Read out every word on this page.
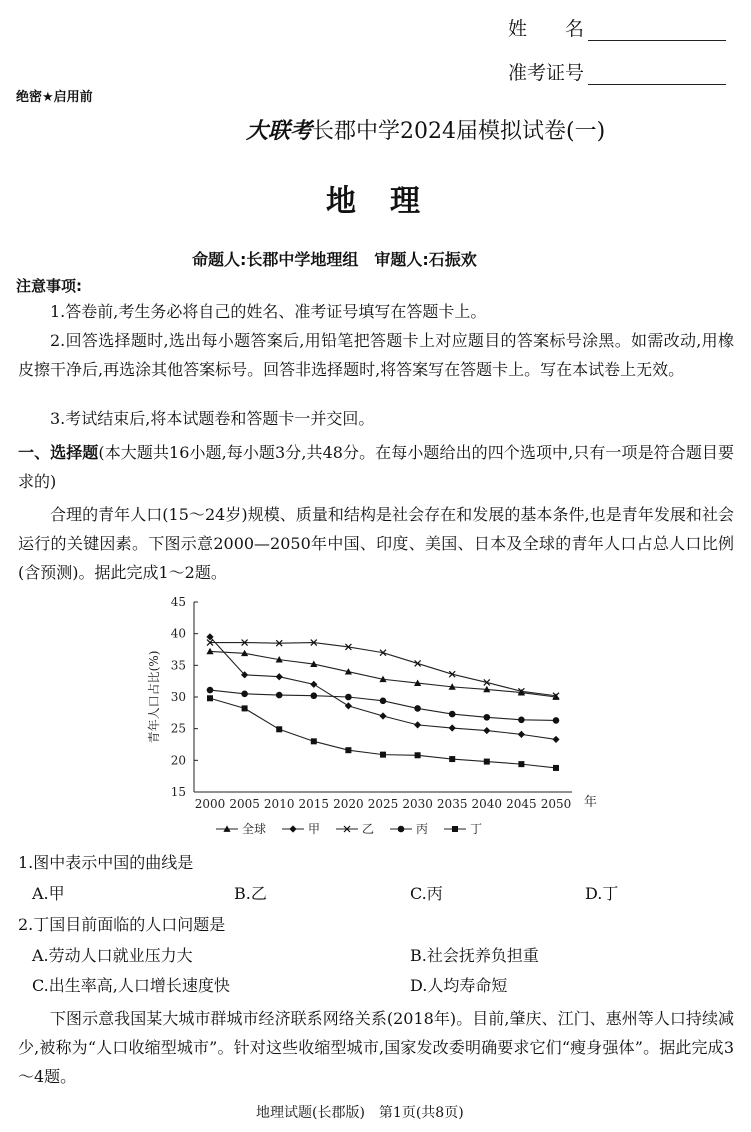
姓　　名
准考证号
绝密★启用前
大联考长郡中学2024届模拟试卷(一)
地　理
命题人:长郡中学地理组　审题人:石振欢
注意事项:
1.答卷前,考生务必将自己的姓名、准考证号填写在答题卡上。
2.回答选择题时,选出每小题答案后,用铅笔把答题卡上对应题目的答案标号涂黑。如需改动,用橡皮擦干净后,再选涂其他答案标号。回答非选择题时,将答案写在答题卡上。写在本试卷上无效。
3.考试结束后,将本试题卷和答题卡一并交回。
一、选择题(本大题共16小题,每小题3分,共48分。在每小题给出的四个选项中,只有一项是符合题目要求的)
合理的青年人口(15～24岁)规模、质量和结构是社会存在和发展的基本条件,也是青年发展和社会运行的关键因素。下图示意2000—2050年中国、印度、美国、日本及全球的青年人口占总人口比例(含预测)。据此完成1～2题。
15
20
25
30
35
40
45
2000 2005 2010 2015 2020 2025 2030 2035 2040 2045 2050 年
青年人口占比(%)
全球	甲	乙	丙	丁
1.图中表示中国的曲线是
A.甲	B.乙	C.丙	D.丁
2.丁国目前面临的人口问题是
A.劳动人口就业压力大	B.社会抚养负担重
C.出生率高,人口增长速度快	D.人均寿命短
下图示意我国某大城市群城市经济联系网络关系(2018年)。目前,肇庆、江门、惠州等人口持续减少,被称为“人口收缩型城市”。针对这些收缩型城市,国家发改委明确要求它们“瘦身强体”。据此完成3～4题。
地理试题(长郡版)　第1页(共8页)
